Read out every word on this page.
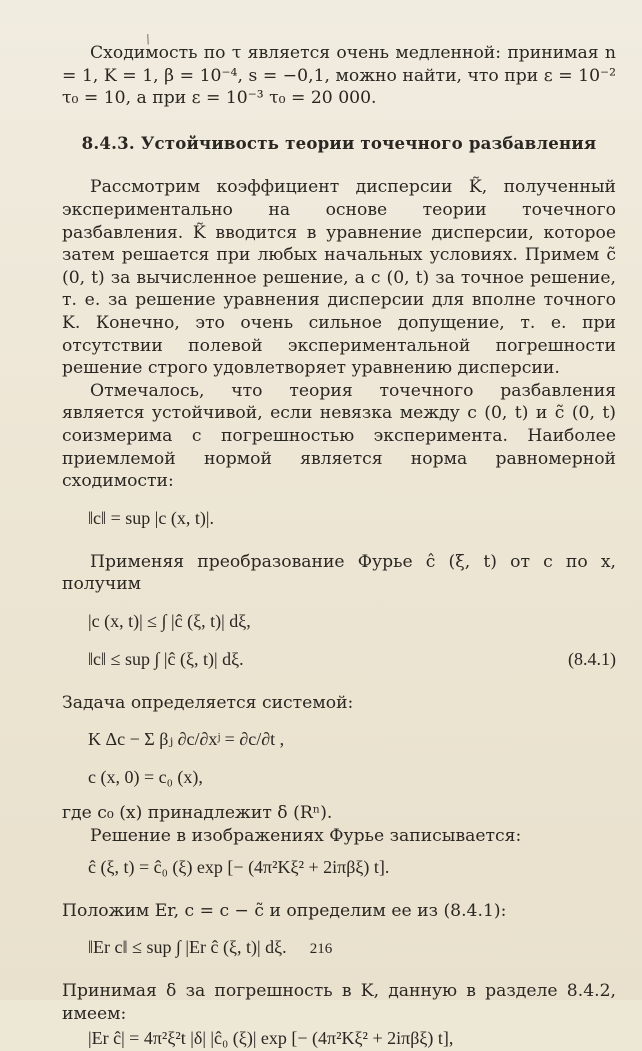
/

Сходимость по τ является очень медленной: принимая n = 1, K = 1, β = 10⁻⁴, s = −0,1, можно найти, что при ε = 10⁻² τ₀ = 10, а при ε = 10⁻³ τ₀ = 20 000.

8.4.3. Устойчивость теории точечного разбавления

Рассмотрим коэффициент дисперсии K̃, полученный экспериментально на основе теории точечного разбавления. K̃ вводится в уравнение дисперсии, которое затем решается при любых начальных условиях. Примем c̃ (0, t) за вычисленное решение, а c (0, t) за точное решение, т. е. за решение уравнения дисперсии для вполне точного K. Конечно, это очень сильное допущение, т. е. при отсутствии полевой экспериментальной погрешности решение строго удовлетворяет уравнению дисперсии.

Отмечалось, что теория точечного разбавления является устойчивой, если невязка между c (0, t) и c̃ (0, t) соизмерима с погрешностью эксперимента. Наиболее приемлемой нормой является норма равномерной сходимости:

‖c‖ = sup |c (x, t)|.

Применяя преобразование Фурье ĉ (ξ, t) от c по x, получим

|c (x, t)| ≤ ∫ |ĉ (ξ, t)| dξ,
‖c‖ ≤ sup ∫ |ĉ (ξ, t)| dξ.	(8.4.1)

Задача определяется системой:

K Δc − Σ βⱼ ∂c/∂xʲ = ∂c/∂t ,
c (x, 0) = c₀ (x),

где c₀ (x) принадлежит δ (Rⁿ).

Решение в изображениях Фурье записывается:

ĉ (ξ, t) = ĉ₀ (ξ) exp [− (4π²Kξ² + 2iπβξ) t].

Положим Er, c = c − c̃ и определим ее из (8.4.1):

‖Er c‖ ≤ sup ∫ |Er ĉ (ξ, t)| dξ.

Принимая δ за погрешность в K, данную в разделе 8.4.2, имеем:

|Er ĉ| = 4π²ξ²t |δ| |ĉ₀ (ξ)| exp [− (4π²Kξ² + 2iπβξ) t],
216
